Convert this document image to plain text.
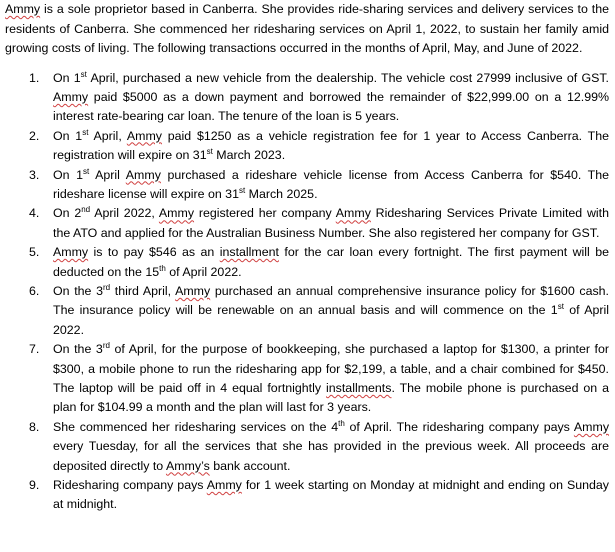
Ammy is a sole proprietor based in Canberra. She provides ride-sharing services and delivery services to the residents of Canberra. She commenced her ridesharing services on April 1, 2022, to sustain her family amid growing costs of living. The following transactions occurred in the months of April, May, and June of 2022.

1.	On 1st April, purchased a new vehicle from the dealership. The vehicle cost 27999 inclusive of GST. Ammy paid $5000 as a down payment and borrowed the remainder of $22,999.00 on a 12.99% interest rate-bearing car loan. The tenure of the loan is 5 years.
2.	On 1st April, Ammy paid $1250 as a vehicle registration fee for 1 year to Access Canberra. The registration will expire on 31st March 2023.
3.	On 1st April Ammy purchased a rideshare vehicle license from Access Canberra for $540. The rideshare license will expire on 31st March 2025.
4.	On 2nd April 2022, Ammy registered her company Ammy Ridesharing Services Private Limited with the ATO and applied for the Australian Business Number. She also registered her company for GST.
5.	Ammy is to pay $546 as an installment for the car loan every fortnight. The first payment will be deducted on the 15th of April 2022.
6.	On the 3rd third April, Ammy purchased an annual comprehensive insurance policy for $1600 cash. The insurance policy will be renewable on an annual basis and will commence on the 1st of April 2022.
7.	On the 3rd of April, for the purpose of bookkeeping, she purchased a laptop for $1300, a printer for $300, a mobile phone to run the ridesharing app for $2,199, a table, and a chair combined for $450. The laptop will be paid off in 4 equal fortnightly installments. The mobile phone is purchased on a plan for $104.99 a month and the plan will last for 3 years.
8.	She commenced her ridesharing services on the 4th of April. The ridesharing company pays Ammy every Tuesday, for all the services that she has provided in the previous week. All proceeds are deposited directly to Ammy’s bank account.
9.	Ridesharing company pays Ammy for 1 week starting on Monday at midnight and ending on Sunday at midnight.
